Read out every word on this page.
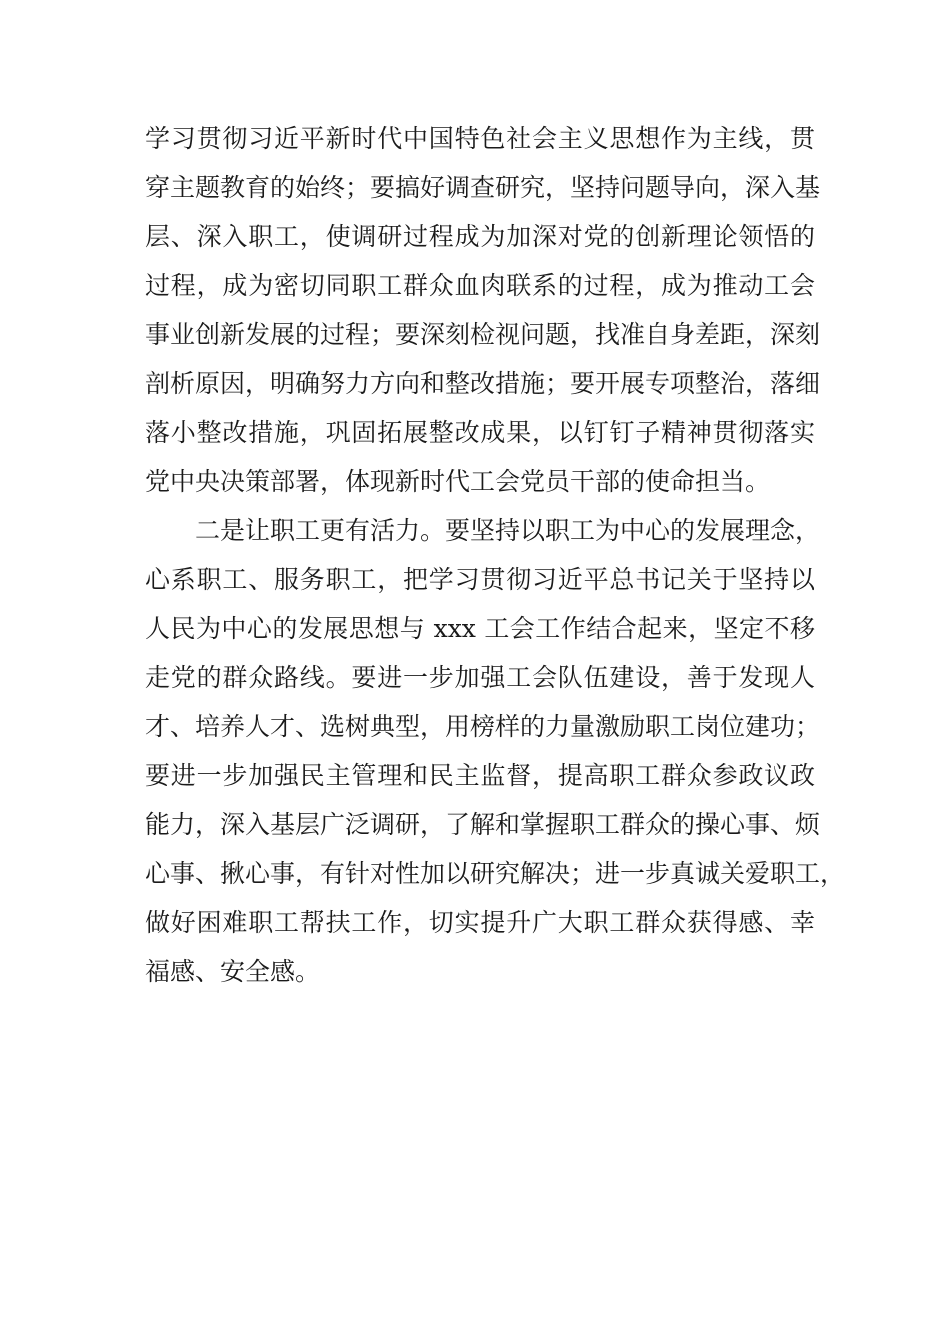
学习贯彻习近平新时代中国特色社会主义思想作为主线，贯
穿主题教育的始终；要搞好调查研究，坚持问题导向，深入基
层、深入职工，使调研过程成为加深对党的创新理论领悟的
过程，成为密切同职工群众血肉联系的过程，成为推动工会
事业创新发展的过程；要深刻检视问题，找准自身差距，深刻
剖析原因，明确努力方向和整改措施；要开展专项整治，落细
落小整改措施，巩固拓展整改成果，以钉钉子精神贯彻落实
党中央决策部署，体现新时代工会党员干部的使命担当。
二是让职工更有活力。要坚持以职工为中心的发展理念，
心系职工、服务职工，把学习贯彻习近平总书记关于坚持以
人民为中心的发展思想与 xxx 工会工作结合起来，坚定不移
走党的群众路线。要进一步加强工会队伍建设，善于发现人
才、培养人才、选树典型，用榜样的力量激励职工岗位建功；
要进一步加强民主管理和民主监督，提高职工群众参政议政
能力，深入基层广泛调研，了解和掌握职工群众的操心事、烦
心事、揪心事，有针对性加以研究解决；进一步真诚关爱职工，
做好困难职工帮扶工作，切实提升广大职工群众获得感、幸
福感、安全感。
